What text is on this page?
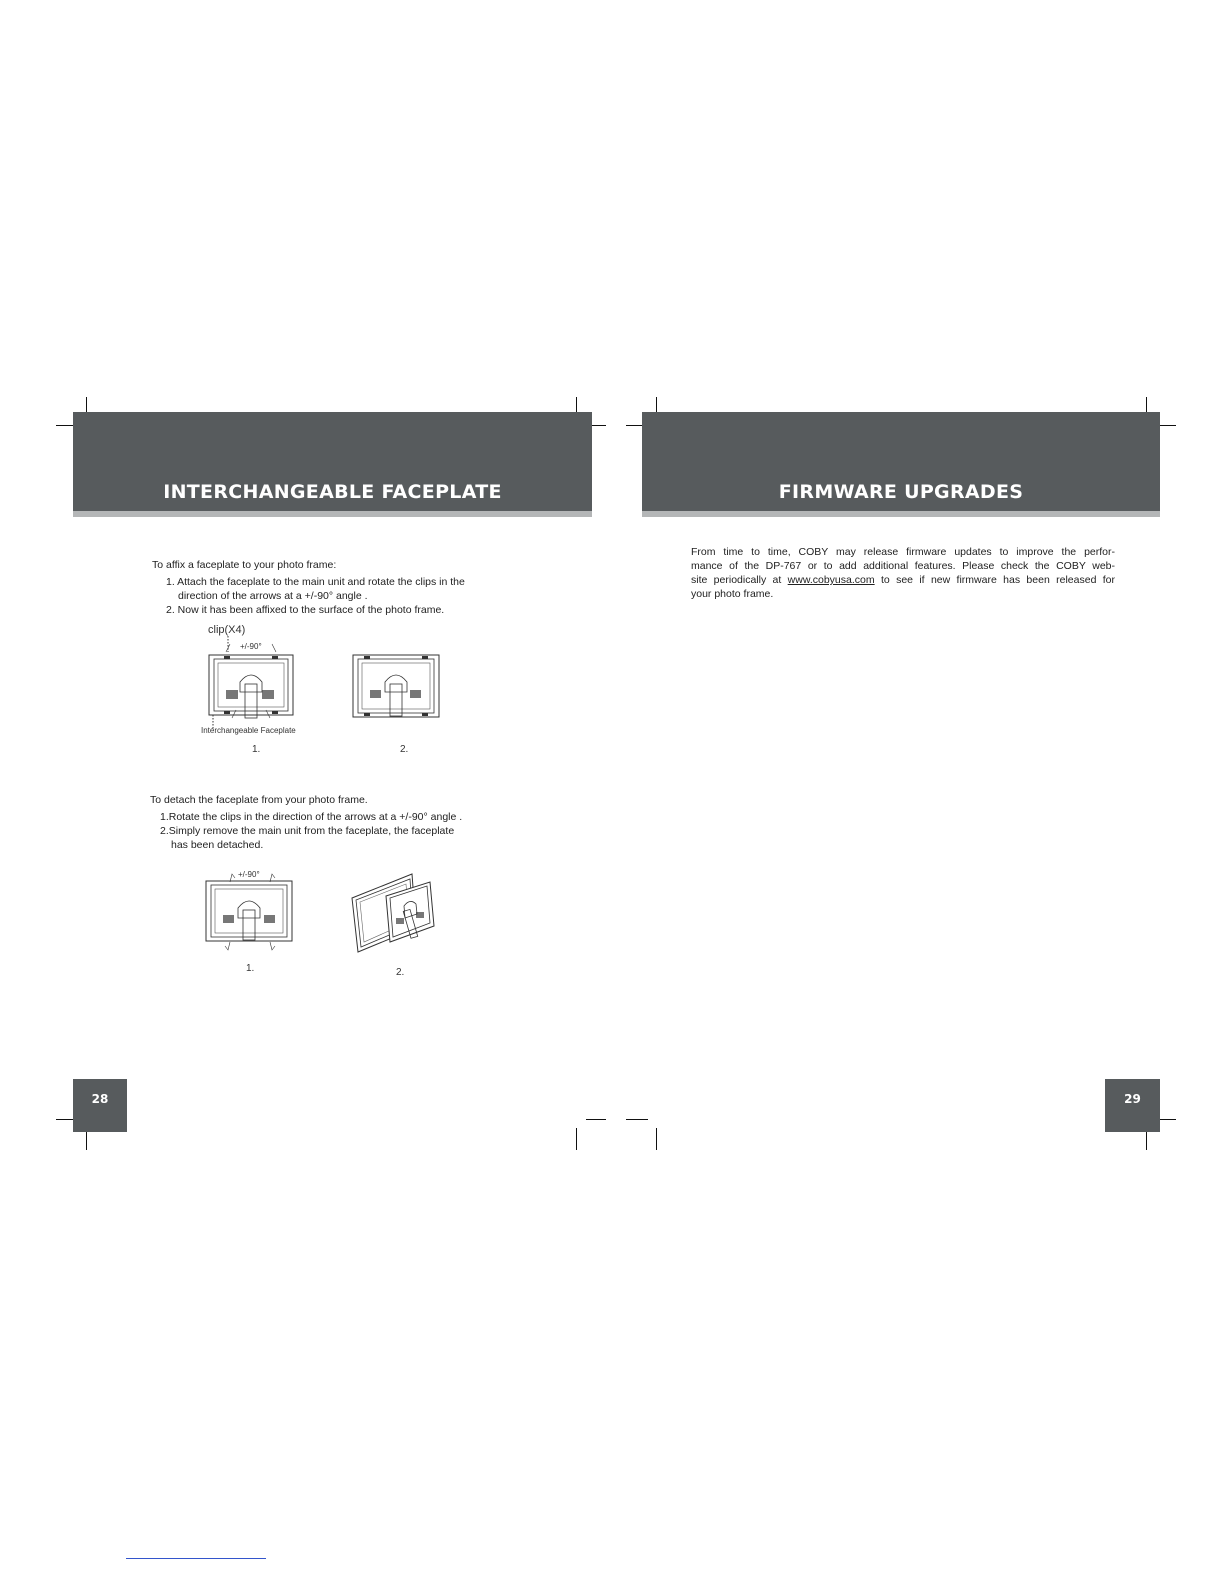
INTERCHANGEABLE FACEPLATE
To affix a faceplate to your photo frame:
1. Attach the faceplate to the main unit and rotate the clips in the
direction of the arrows at a +/-90° angle .
2. Now it has been affixed to the surface of the photo frame.
clip(X4)
+/-90°
Interchangeable Faceplate
1.	2.
To detach the faceplate from your photo frame.
1.Rotate the clips in the direction of the arrows at a +/-90° angle .
2.Simply remove the main unit from the faceplate, the faceplate
has been detached.
+/-90°
1.	2.
28
FIRMWARE UPGRADES
From time to time, COBY may release firmware updates to improve the perfor-
mance of the DP-767 or to add additional features. Please check the COBY web-
site periodically at www.cobyusa.com to see if new firmware has been released for
your photo frame.
29
